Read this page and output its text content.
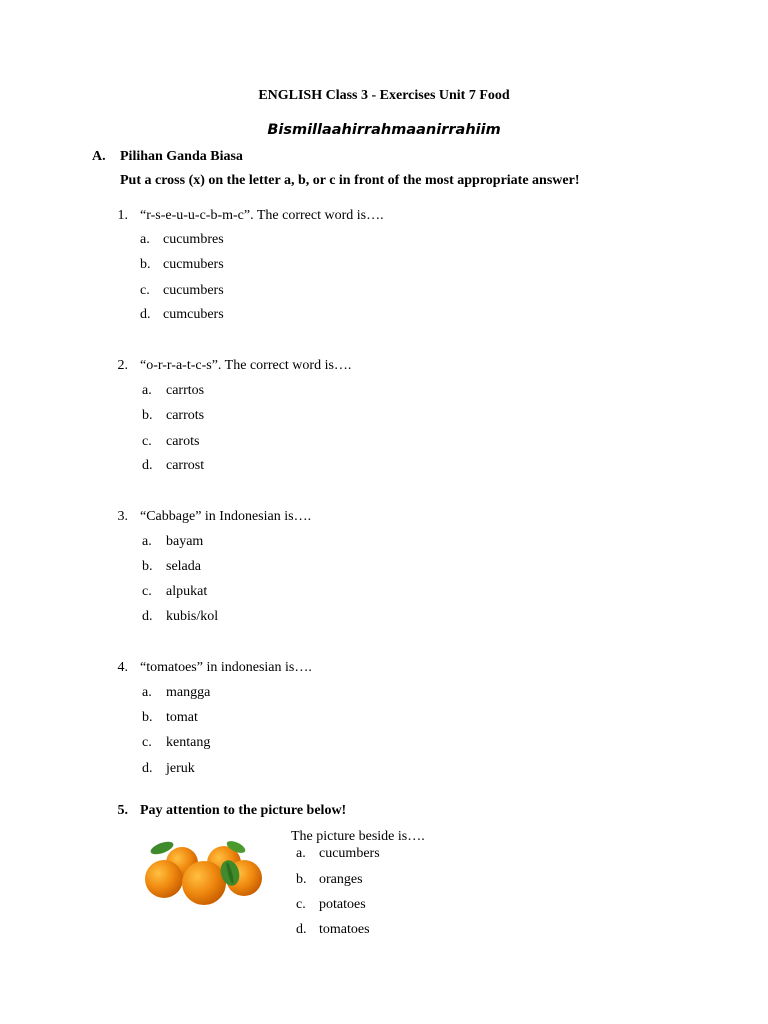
ENGLISH Class 3 - Exercises Unit 7 Food
Bismillaahirrahmaanirrahiim
A. Pilihan Ganda Biasa
Put a cross (x) on the letter a, b, or c in front of the most appropriate answer!
1. “r-s-e-u-u-c-b-m-c”. The correct word is….
a. cucumbres
b. cucmubers
c. cucumbers
d. cumcubers
2. “o-r-r-a-t-c-s”. The correct word is….
a.	carrtos
b. carrots
c.	carots
d. carrost
3. “Cabbage” in Indonesian is….
a.	bayam
b. selada
c.	alpukat
d. kubis/kol
4. “tomatoes” in indonesian is….
a.	mangga
b. tomat
c.	kentang
d. jeruk
5. Pay attention to the picture below!
The picture beside is….
a. cucumbers
b. oranges
c. potatoes
d. tomatoes
